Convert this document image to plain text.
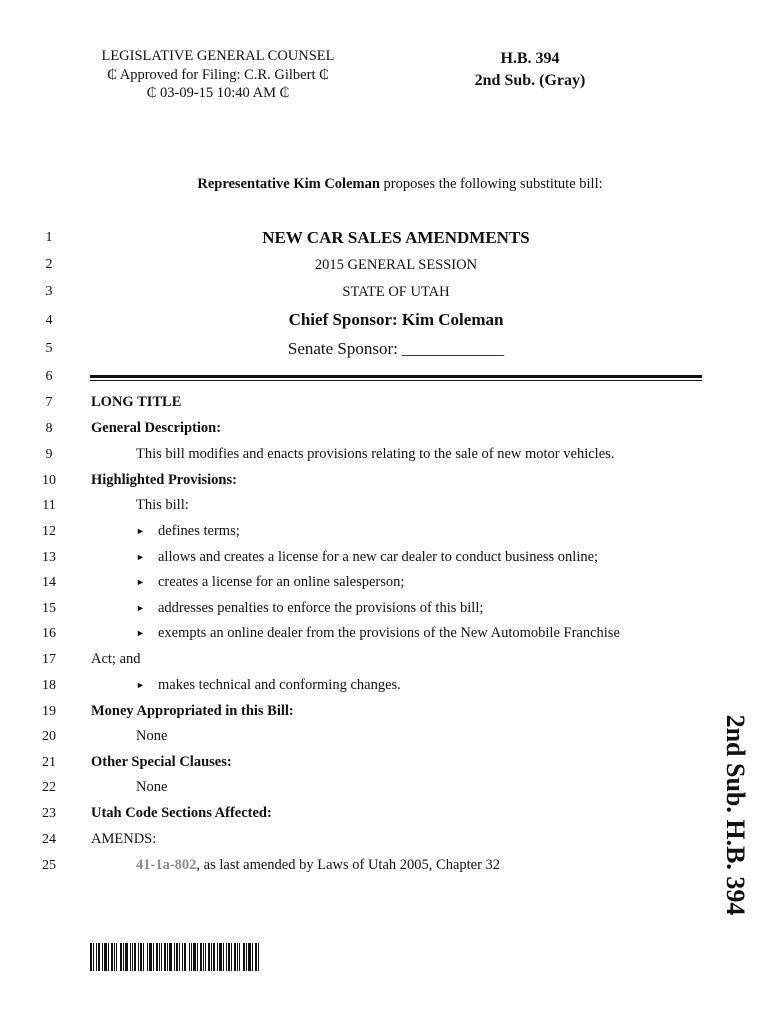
LEGISLATIVE GENERAL COUNSEL
₵ Approved for Filing: C.R. Gilbert ₵
₵ 03-09-15 10:40 AM ₵
H.B. 394
2nd Sub. (Gray)
Representative Kim Coleman proposes the following substitute bill:
1
2
3
4
5
6
7
8
9
10
11
12
13
14
15
16
17
18
19
20
21
22
23
24
25
NEW CAR SALES AMENDMENTS
2015 GENERAL SESSION
STATE OF UTAH
Chief Sponsor: Kim Coleman
Senate Sponsor: ____________
LONG TITLE
General Description:
This bill modifies and enacts provisions relating to the sale of new motor vehicles.
Highlighted Provisions:
This bill:
► defines terms;
► allows and creates a license for a new car dealer to conduct business online;
► creates a license for an online salesperson;
► addresses penalties to enforce the provisions of this bill;
► exempts an online dealer from the provisions of the New Automobile Franchise
Act; and
► makes technical and conforming changes.
Money Appropriated in this Bill:
None
Other Special Clauses:
None
Utah Code Sections Affected:
AMENDS:
41-1a-802, as last amended by Laws of Utah 2005, Chapter 32	2nd Sub. H.B. 394
